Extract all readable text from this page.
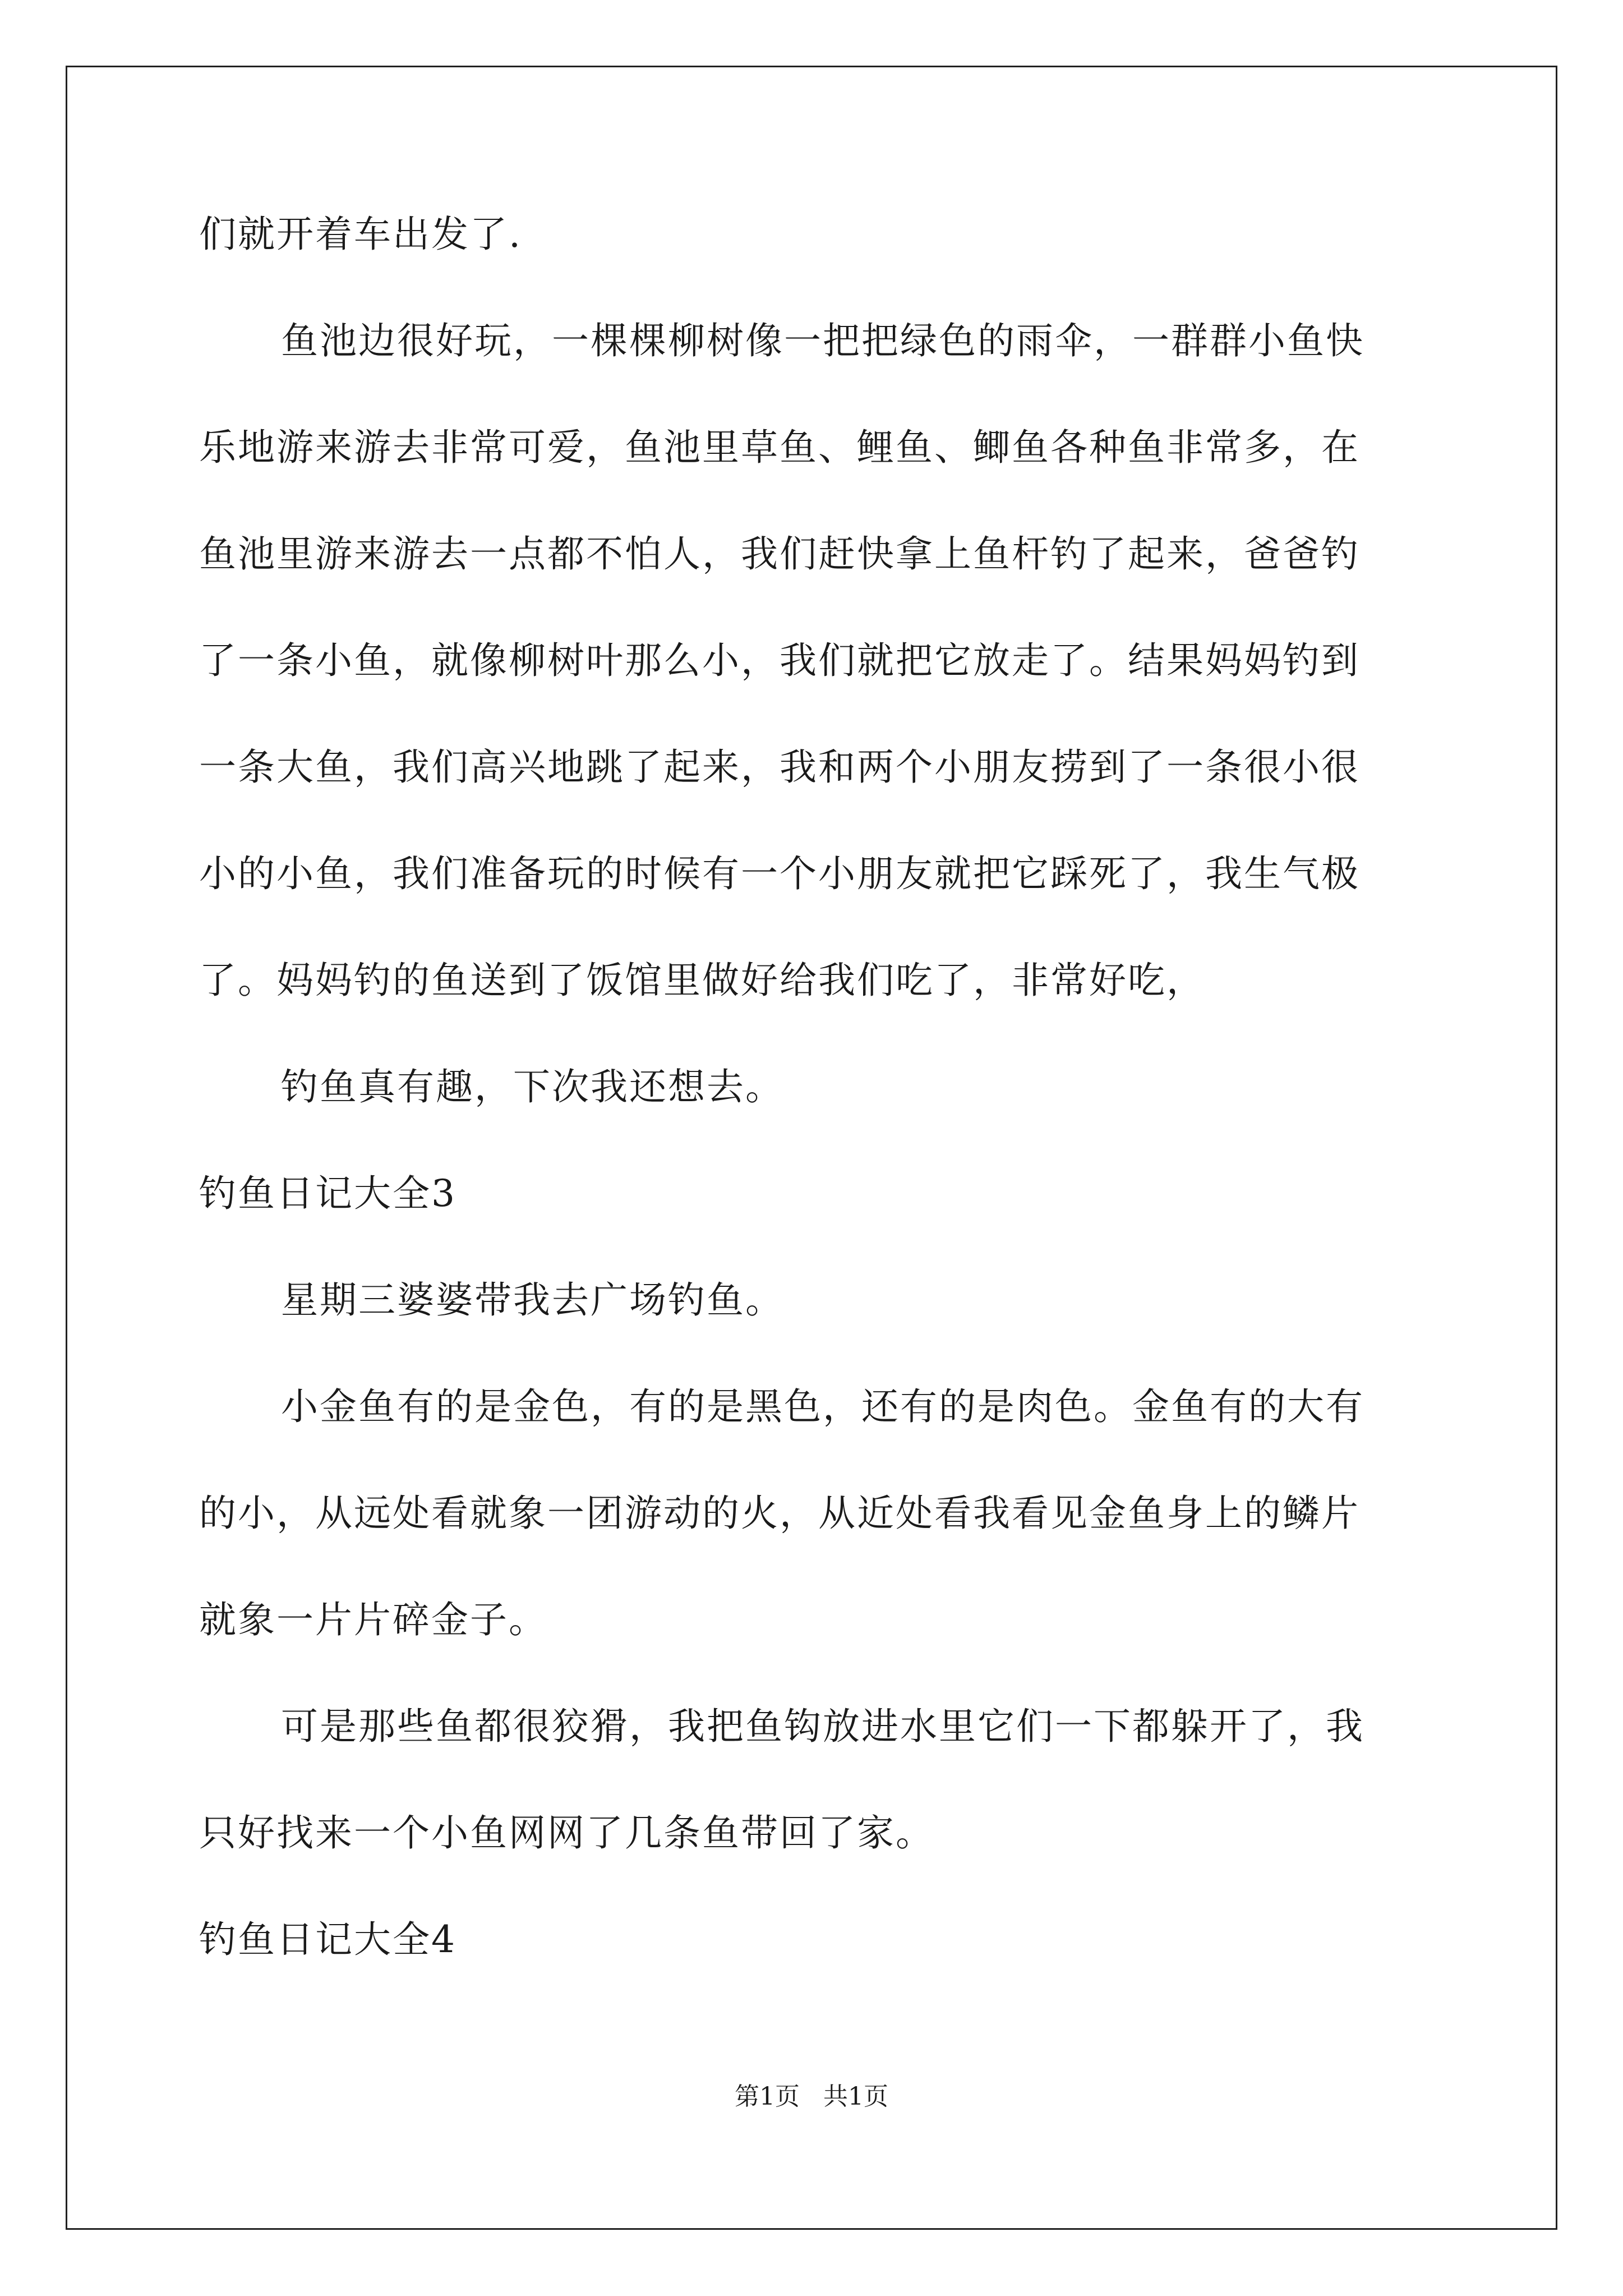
们就开着车出发了.
鱼池边很好玩，一棵棵柳树像一把把绿色的雨伞，一群群小鱼快
乐地游来游去非常可爱，鱼池里草鱼、鲤鱼、鲫鱼各种鱼非常多，在
鱼池里游来游去一点都不怕人，我们赶快拿上鱼杆钓了起来，爸爸钓
了一条小鱼，就像柳树叶那么小，我们就把它放走了。结果妈妈钓到
一条大鱼，我们高兴地跳了起来，我和两个小朋友捞到了一条很小很
小的小鱼，我们准备玩的时候有一个小朋友就把它踩死了，我生气极
了。妈妈钓的鱼送到了饭馆里做好给我们吃了，非常好吃，
钓鱼真有趣，下次我还想去。
钓鱼日记大全3
星期三婆婆带我去广场钓鱼。
小金鱼有的是金色，有的是黑色，还有的是肉色。金鱼有的大有
的小，从远处看就象一团游动的火，从近处看我看见金鱼身上的鳞片
就象一片片碎金子。
可是那些鱼都很狡猾，我把鱼钩放进水里它们一下都躲开了，我
只好找来一个小鱼网网了几条鱼带回了家。
钓鱼日记大全4
第1页   共1页
